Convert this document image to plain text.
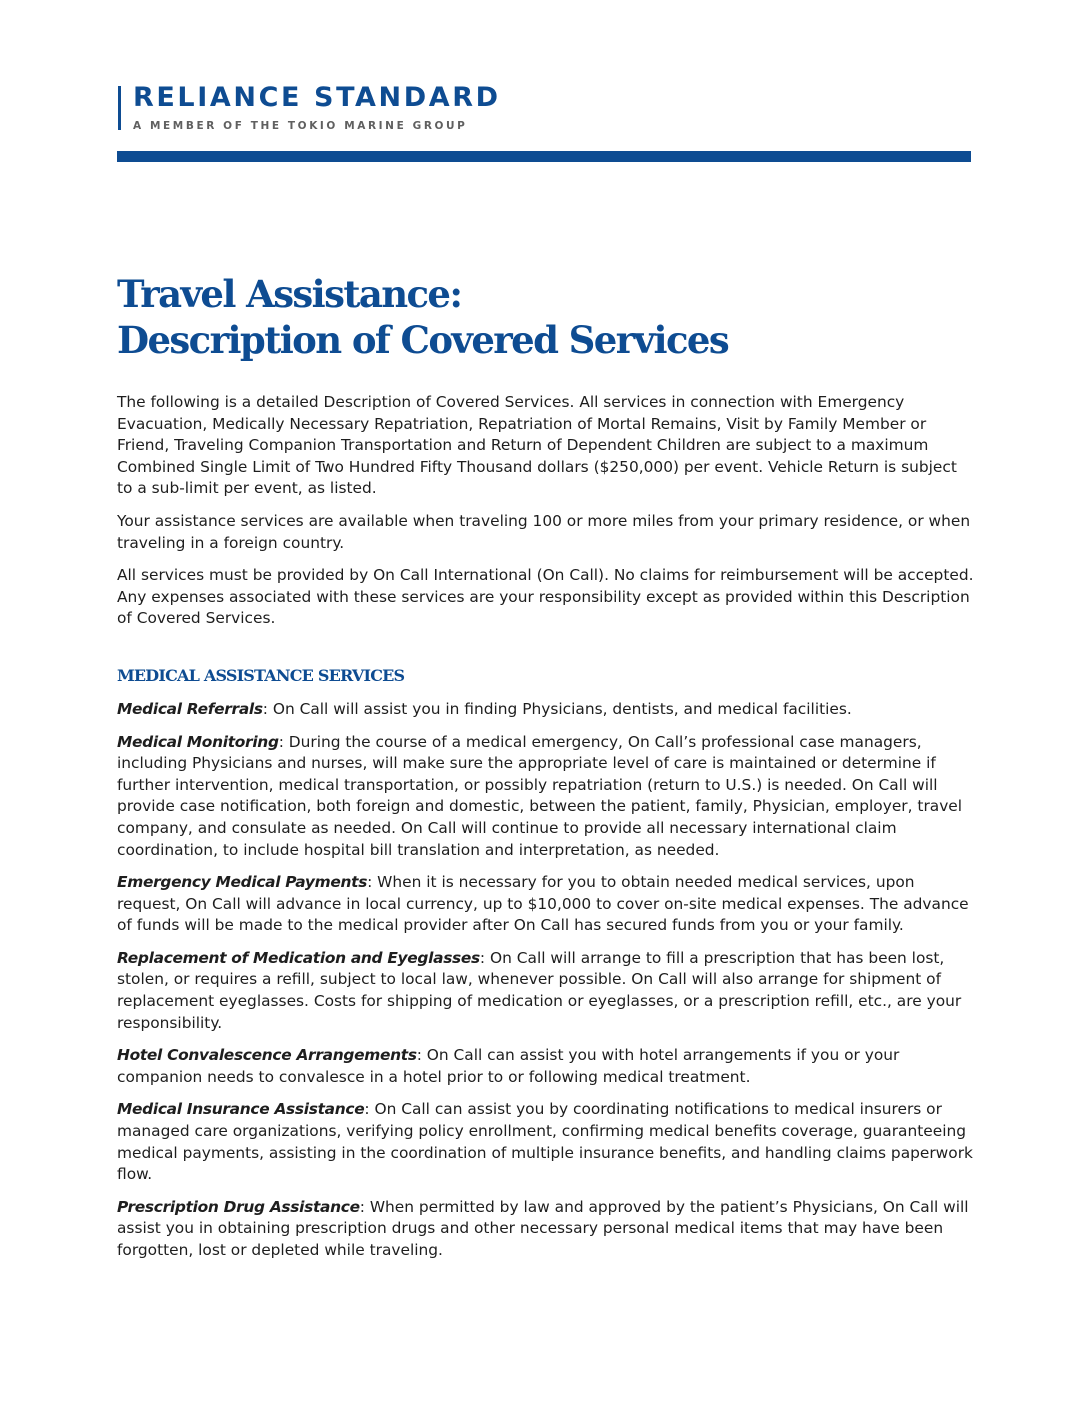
RELIANCE STANDARD
A MEMBER OF THE TOKIO MARINE GROUP
Travel Assistance:
Description of Covered Services

The following is a detailed Description of Covered Services. All services in connection with Emergency Evacuation, Medically Necessary Repatriation, Repatriation of Mortal Remains, Visit by Family Member or Friend, Traveling Companion Transportation and Return of Dependent Children are subject to a maximum Combined Single Limit of Two Hundred Fifty Thousand dollars ($250,000) per event. Vehicle Return is subject to a sub-limit per event, as listed.

Your assistance services are available when traveling 100 or more miles from your primary residence, or when traveling in a foreign country.

All services must be provided by On Call International (On Call). No claims for reimbursement will be accepted. Any expenses associated with these services are your responsibility except as provided within this Description of Covered Services.

MEDICAL ASSISTANCE SERVICES

Medical Referrals: On Call will assist you in finding Physicians, dentists, and medical facilities.

Medical Monitoring: During the course of a medical emergency, On Call’s professional case managers, including Physicians and nurses, will make sure the appropriate level of care is maintained or determine if further intervention, medical transportation, or possibly repatriation (return to U.S.) is needed. On Call will provide case notification, both foreign and domestic, between the patient, family, Physician, employer, travel company, and consulate as needed. On Call will continue to provide all necessary international claim coordination, to include hospital bill translation and interpretation, as needed.

Emergency Medical Payments: When it is necessary for you to obtain needed medical services, upon request, On Call will advance in local currency, up to $10,000 to cover on-site medical expenses. The advance of funds will be made to the medical provider after On Call has secured funds from you or your family.

Replacement of Medication and Eyeglasses: On Call will arrange to fill a prescription that has been lost, stolen, or requires a refill, subject to local law, whenever possible. On Call will also arrange for shipment of replacement eyeglasses. Costs for shipping of medication or eyeglasses, or a prescription refill, etc., are your responsibility.

Hotel Convalescence Arrangements: On Call can assist you with hotel arrangements if you or your companion needs to convalesce in a hotel prior to or following medical treatment.

Medical Insurance Assistance: On Call can assist you by coordinating notifications to medical insurers or managed care organizations, verifying policy enrollment, confirming medical benefits coverage, guaranteeing medical payments, assisting in the coordination of multiple insurance benefits, and handling claims paperwork flow.

Prescription Drug Assistance: When permitted by law and approved by the patient’s Physicians, On Call will assist you in obtaining prescription drugs and other necessary personal medical items that may have been forgotten, lost or depleted while traveling.
